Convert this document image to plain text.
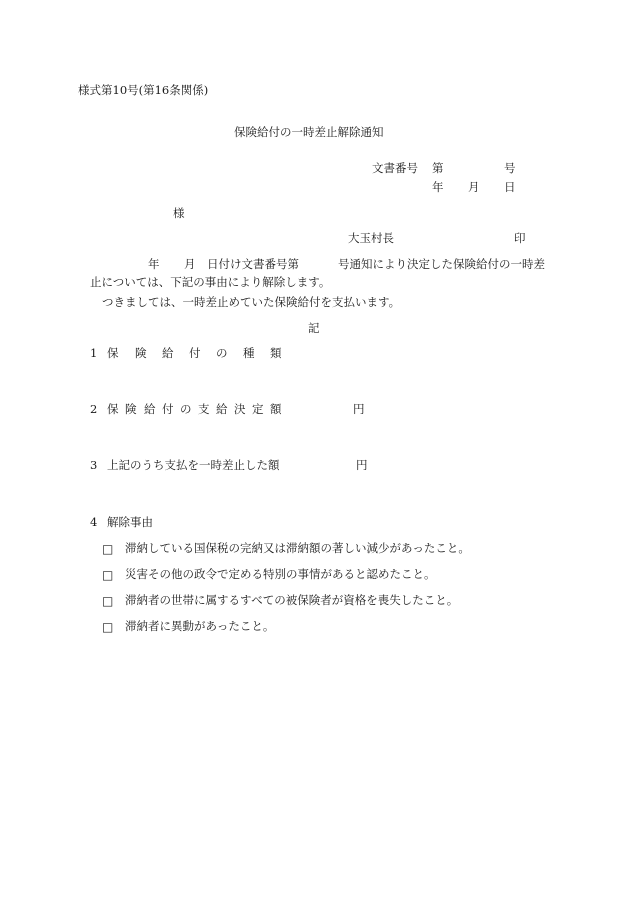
様式第10号(第16条関係)
保険給付の一時差止解除通知
文書番号 第	号
年 月 日
様
大玉村長	印
年 月 日付け文書番号第	号通知により決定した保険給付の一時差
止については、下記の事由により解除します。
つきましては、一時差止めていた保険給付を支払います。
記
1 保 険 給 付 の 種 類
2 保 険 給 付 の 支 給 決 定 額	円
3 上記のうち支払を一時差止した額	円
4 解除事由
□ 滞納している国保税の完納又は滞納額の著しい減少があったこと。
□ 災害その他の政令で定める特別の事情があると認めたこと。
□ 滞納者の世帯に属するすべての被保険者が資格を喪失したこと。
□ 滞納者に異動があったこと。
